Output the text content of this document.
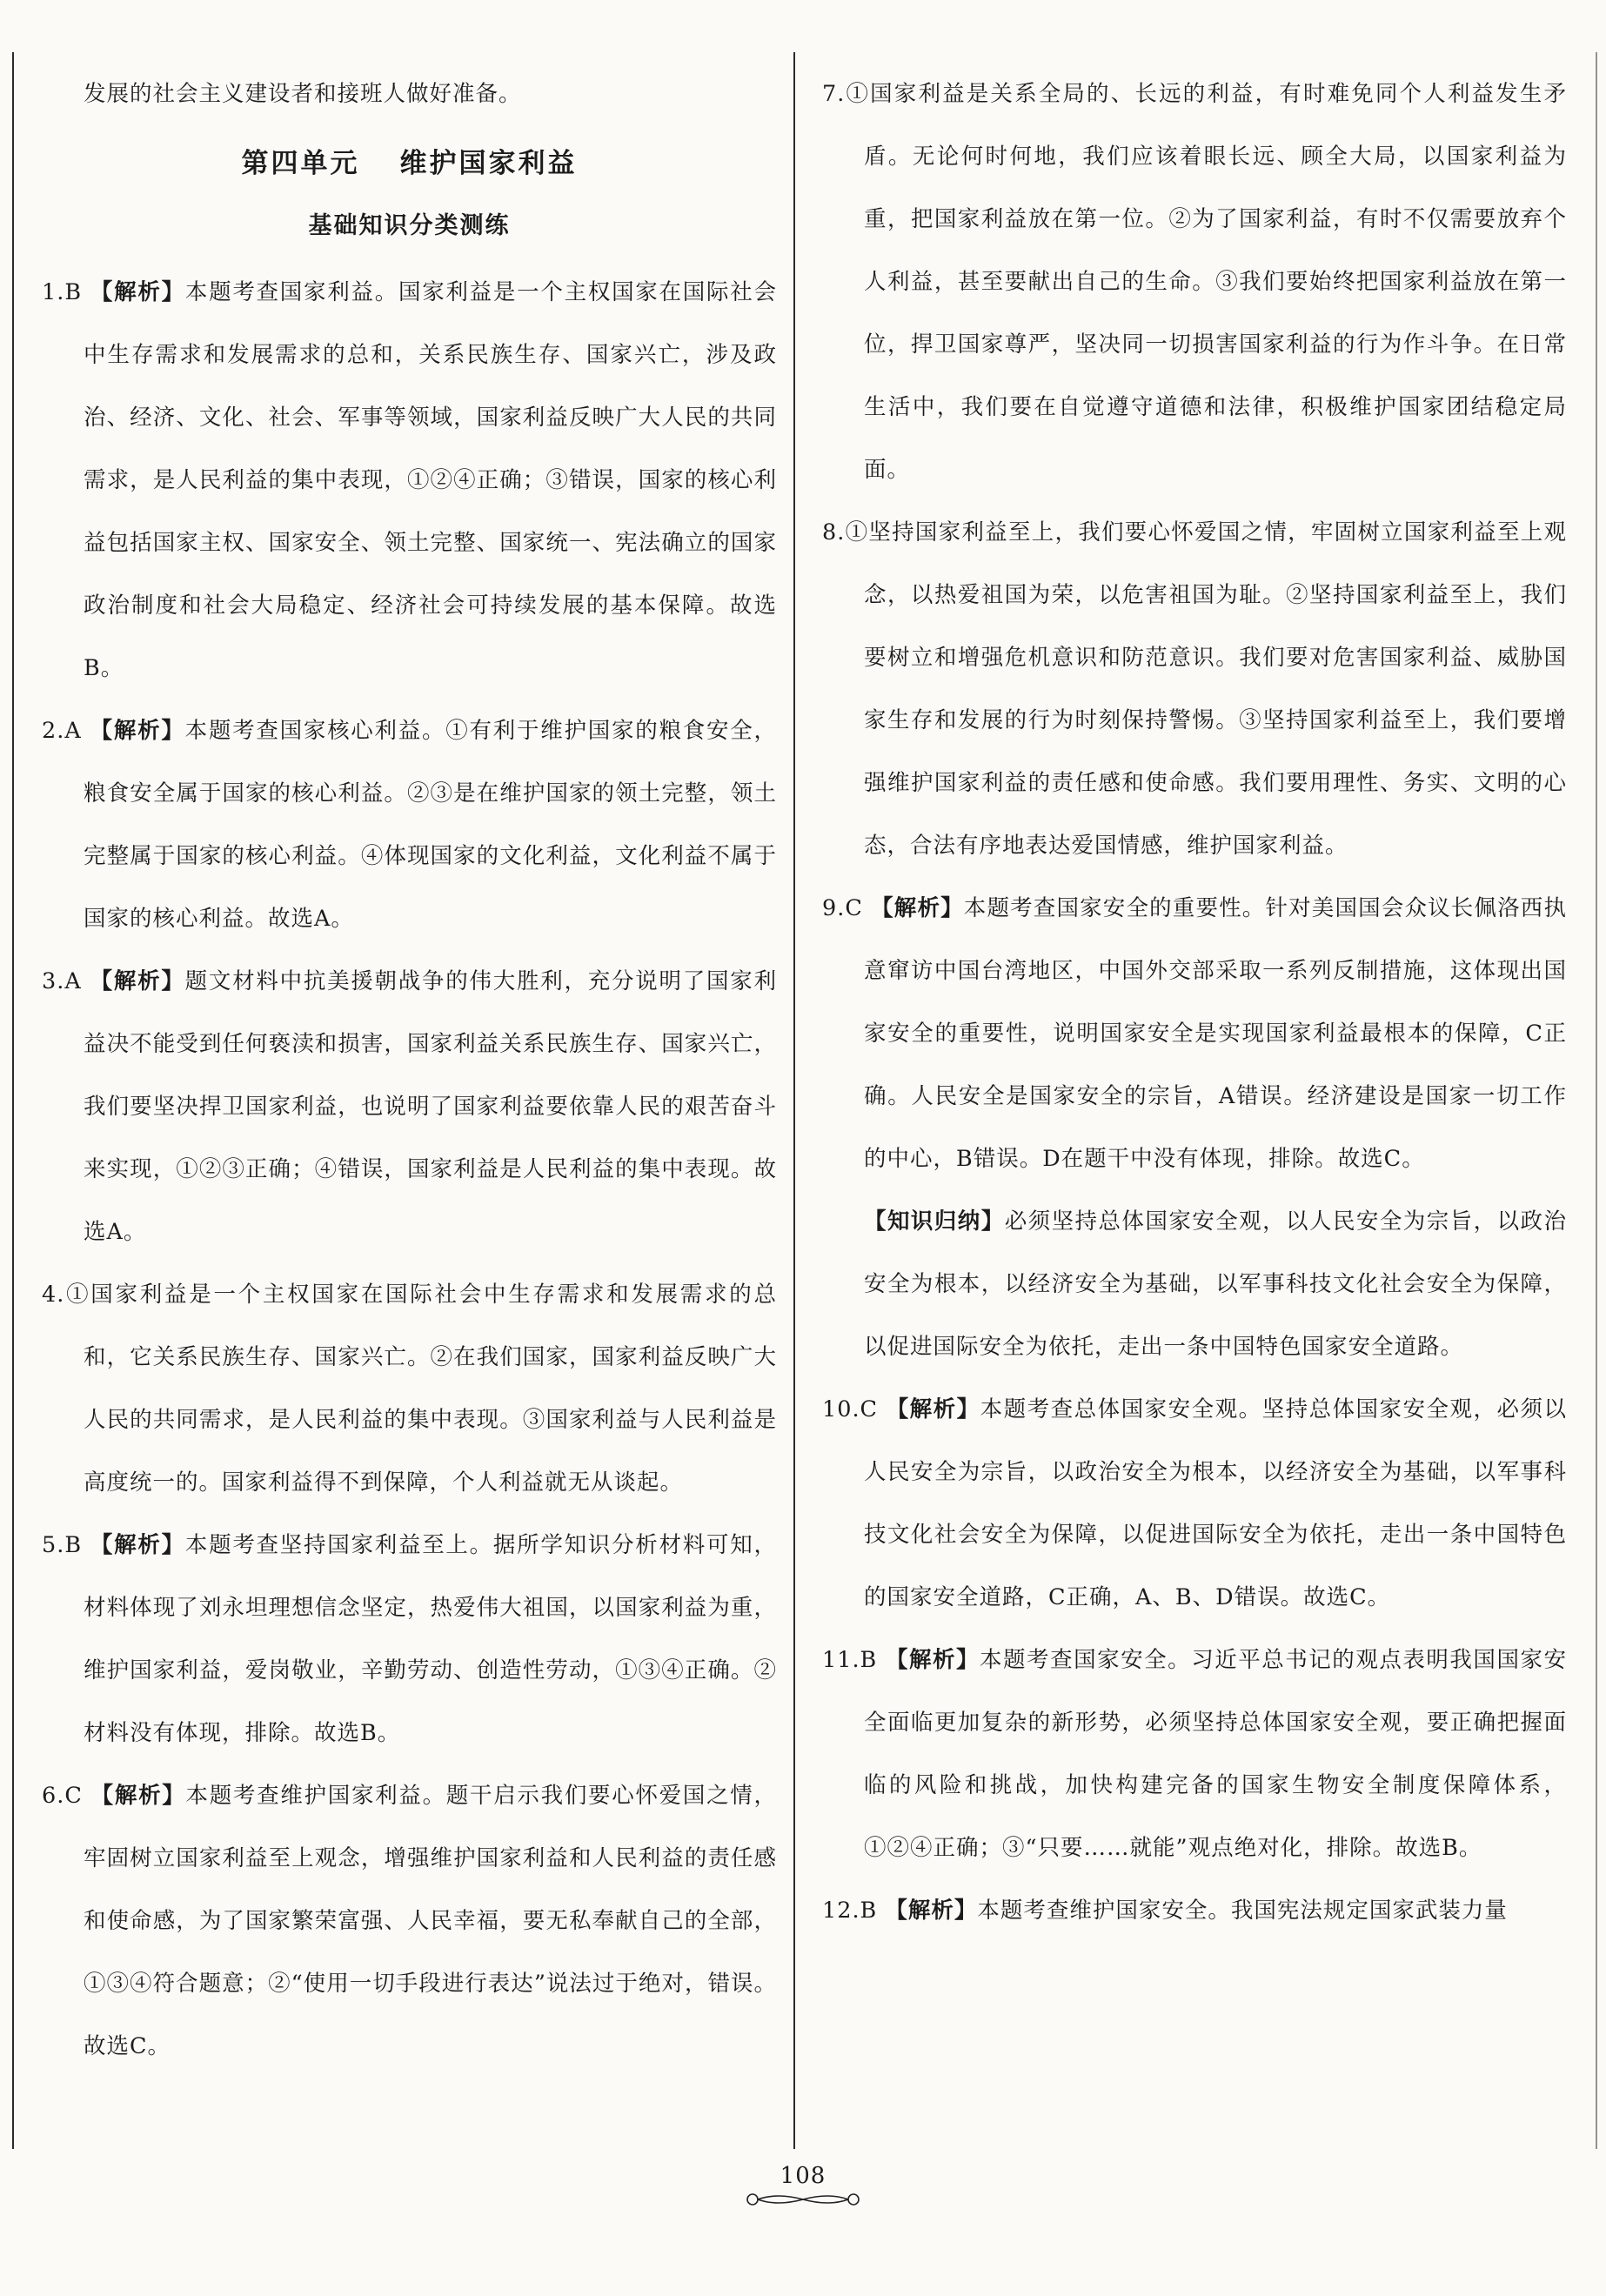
发展的社会主义建设者和接班人做好准备。

第四单元 维护国家利益
基础知识分类测练

1.B 【解析】本题考查国家利益。国家利益是一个主权国家在国际社会中生存需求和发展需求的总和，关系民族生存、国家兴亡，涉及政治、经济、文化、社会、军事等领域，国家利益反映广大人民的共同需求，是人民利益的集中表现，①②④正确；③错误，国家的核心利益包括国家主权、国家安全、领土完整、国家统一、宪法确立的国家政治制度和社会大局稳定、经济社会可持续发展的基本保障。故选B。

2.A 【解析】本题考查国家核心利益。①有利于维护国家的粮食安全，粮食安全属于国家的核心利益。②③是在维护国家的领土完整，领土完整属于国家的核心利益。④体现国家的文化利益，文化利益不属于国家的核心利益。故选A。

3.A 【解析】题文材料中抗美援朝战争的伟大胜利，充分说明了国家利益决不能受到任何亵渎和损害，国家利益关系民族生存、国家兴亡，我们要坚决捍卫国家利益，也说明了国家利益要依靠人民的艰苦奋斗来实现，①②③正确；④错误，国家利益是人民利益的集中表现。故选A。

4.①国家利益是一个主权国家在国际社会中生存需求和发展需求的总和，它关系民族生存、国家兴亡。②在我们国家，国家利益反映广大人民的共同需求，是人民利益的集中表现。③国家利益与人民利益是高度统一的。国家利益得不到保障，个人利益就无从谈起。

5.B 【解析】本题考查坚持国家利益至上。据所学知识分析材料可知，材料体现了刘永坦理想信念坚定，热爱伟大祖国，以国家利益为重，维护国家利益，爱岗敬业，辛勤劳动、创造性劳动，①③④正确。②材料没有体现，排除。故选B。

6.C 【解析】本题考查维护国家利益。题干启示我们要心怀爱国之情，牢固树立国家利益至上观念，增强维护国家利益和人民利益的责任感和使命感，为了国家繁荣富强、人民幸福，要无私奉献自己的全部，①③④符合题意；②“使用一切手段进行表达”说法过于绝对，错误。故选C。

7.①国家利益是关系全局的、长远的利益，有时难免同个人利益发生矛盾。无论何时何地，我们应该着眼长远、顾全大局，以国家利益为重，把国家利益放在第一位。②为了国家利益，有时不仅需要放弃个人利益，甚至要献出自己的生命。③我们要始终把国家利益放在第一位，捍卫国家尊严，坚决同一切损害国家利益的行为作斗争。在日常生活中，我们要在自觉遵守道德和法律，积极维护国家团结稳定局面。

8.①坚持国家利益至上，我们要心怀爱国之情，牢固树立国家利益至上观念，以热爱祖国为荣，以危害祖国为耻。②坚持国家利益至上，我们要树立和增强危机意识和防范意识。我们要对危害国家利益、威胁国家生存和发展的行为时刻保持警惕。③坚持国家利益至上，我们要增强维护国家利益的责任感和使命感。我们要用理性、务实、文明的心态，合法有序地表达爱国情感，维护国家利益。

9.C 【解析】本题考查国家安全的重要性。针对美国国会众议长佩洛西执意窜访中国台湾地区，中国外交部采取一系列反制措施，这体现出国家安全的重要性，说明国家安全是实现国家利益最根本的保障，C正确。人民安全是国家安全的宗旨，A错误。经济建设是国家一切工作的中心，B错误。D在题干中没有体现，排除。故选C。

【知识归纳】必须坚持总体国家安全观，以人民安全为宗旨，以政治安全为根本，以经济安全为基础，以军事科技文化社会安全为保障，以促进国际安全为依托，走出一条中国特色国家安全道路。

10.C 【解析】本题考查总体国家安全观。坚持总体国家安全观，必须以人民安全为宗旨，以政治安全为根本，以经济安全为基础，以军事科技文化社会安全为保障，以促进国际安全为依托，走出一条中国特色的国家安全道路，C正确，A、B、D错误。故选C。

11.B 【解析】本题考查国家安全。习近平总书记的观点表明我国国家安全面临更加复杂的新形势，必须坚持总体国家安全观，要正确把握面临的风险和挑战，加快构建完备的国家生物安全制度保障体系，①②④正确；③“只要……就能”观点绝对化，排除。故选B。

12.B 【解析】本题考查维护国家安全。我国宪法规定国家武装力量

108
